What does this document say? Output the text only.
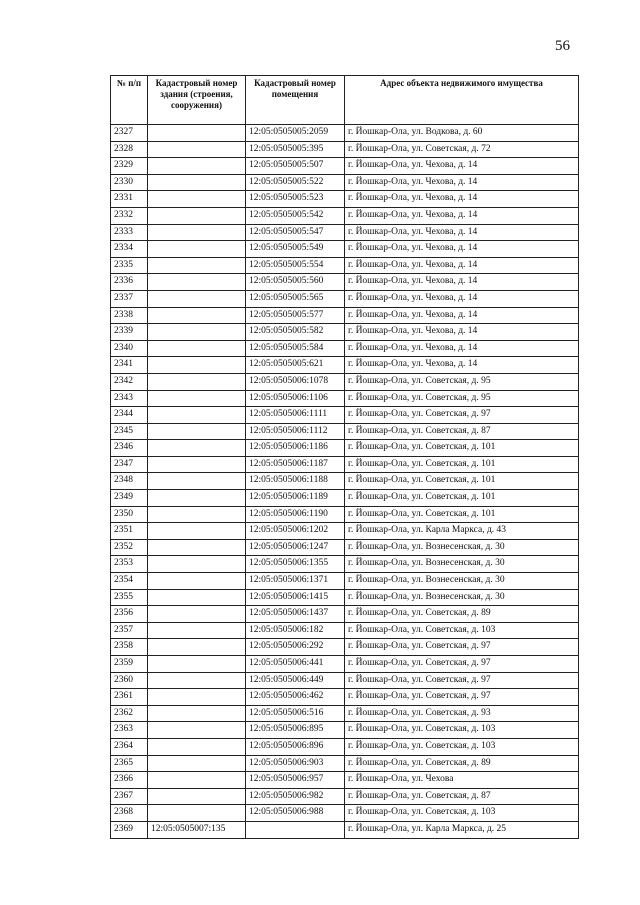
56
№ п/п	Кадастровый номер здания (строения, сооружения)	Кадастровый номер помещения	Адрес объекта недвижимого имущества
2327		12:05:0505005:2059	г. Йошкар-Ола, ул. Водкова, д. 60
2328		12:05:0505005:395	г. Йошкар-Ола, ул. Советская, д. 72
2329		12:05:0505005:507	г. Йошкар-Ола, ул. Чехова, д. 14
2330		12:05:0505005:522	г. Йошкар-Ола, ул. Чехова, д. 14
2331		12:05:0505005:523	г. Йошкар-Ола, ул. Чехова, д. 14
2332		12:05:0505005:542	г. Йошкар-Ола, ул. Чехова, д. 14
2333		12:05:0505005:547	г. Йошкар-Ола, ул. Чехова, д. 14
2334		12:05:0505005:549	г. Йошкар-Ола, ул. Чехова, д. 14
2335		12:05:0505005:554	г. Йошкар-Ола, ул. Чехова, д. 14
2336		12:05:0505005:560	г. Йошкар-Ола, ул. Чехова, д. 14
2337		12:05:0505005:565	г. Йошкар-Ола, ул. Чехова, д. 14
2338		12:05:0505005:577	г. Йошкар-Ола, ул. Чехова, д. 14
2339		12:05:0505005:582	г. Йошкар-Ола, ул. Чехова, д. 14
2340		12:05:0505005:584	г. Йошкар-Ола, ул. Чехова, д. 14
2341		12:05:0505005:621	г. Йошкар-Ола, ул. Чехова, д. 14
2342		12:05:0505006:1078	г. Йошкар-Ола, ул. Советская, д. 95
2343		12:05:0505006:1106	г. Йошкар-Ола, ул. Советская, д. 95
2344		12:05:0505006:1111	г. Йошкар-Ола, ул. Советская, д. 97
2345		12:05:0505006:1112	г. Йошкар-Ола, ул. Советская, д. 87
2346		12:05:0505006:1186	г. Йошкар-Ола, ул. Советская, д. 101
2347		12:05:0505006:1187	г. Йошкар-Ола, ул. Советская, д. 101
2348		12:05:0505006:1188	г. Йошкар-Ола, ул. Советская, д. 101
2349		12:05:0505006:1189	г. Йошкар-Ола, ул. Советская, д. 101
2350		12:05:0505006:1190	г. Йошкар-Ола, ул. Советская, д. 101
2351		12:05:0505006:1202	г. Йошкар-Ола, ул. Карла Маркса, д. 43
2352		12:05:0505006:1247	г. Йошкар-Ола, ул. Вознесенская, д. 30
2353		12:05:0505006:1355	г. Йошкар-Ола, ул. Вознесенская, д. 30
2354		12:05:0505006:1371	г. Йошкар-Ола, ул. Вознесенская, д. 30
2355		12:05:0505006:1415	г. Йошкар-Ола, ул. Вознесенская, д. 30
2356		12:05:0505006:1437	г. Йошкар-Ола, ул. Советская, д. 89
2357		12:05:0505006:182	г. Йошкар-Ола, ул. Советская, д. 103
2358		12:05:0505006:292	г. Йошкар-Ола, ул. Советская, д. 97
2359		12:05:0505006:441	г. Йошкар-Ола, ул. Советская, д. 97
2360		12:05:0505006:449	г. Йошкар-Ола, ул. Советская, д. 97
2361		12:05:0505006:462	г. Йошкар-Ола, ул. Советская, д. 97
2362		12:05:0505006:516	г. Йошкар-Ола, ул. Советская, д. 93
2363		12:05:0505006:895	г. Йошкар-Ола, ул. Советская, д. 103
2364		12:05:0505006:896	г. Йошкар-Ола, ул. Советская, д. 103
2365		12:05:0505006:903	г. Йошкар-Ола, ул. Советская, д. 89
2366		12:05:0505006:957	г. Йошкар-Ола, ул. Чехова
2367		12:05:0505006:982	г. Йошкар-Ола, ул. Советская, д. 87
2368		12:05:0505006:988	г. Йошкар-Ола, ул. Советская, д. 103
2369	12:05:0505007:135		г. Йошкар-Ола, ул. Карла Маркса, д. 25
